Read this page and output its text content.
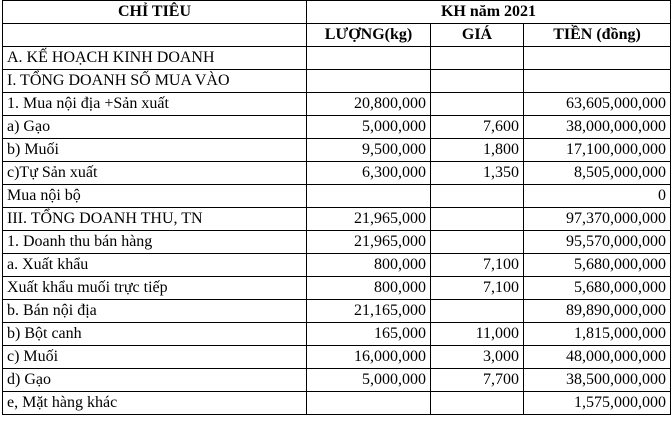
CHỈ TIÊU	KH năm 2021		
	LƯỢNG(kg)	GIÁ	TIỀN (đồng)
A. KẾ HOẠCH KINH DOANH			
I. TỔNG DOANH SỐ MUA VÀO			
1. Mua nội địa +Sản xuất	20,800,000		63,605,000,000
a) Gạo	5,000,000	7,600	38,000,000,000
b) Muối	9,500,000	1,800	17,100,000,000
c)Tự Sản xuất	6,300,000	1,350	8,505,000,000
Mua nội bộ			0
III. TỔNG DOANH THU, TN	21,965,000		97,370,000,000
1. Doanh thu bán hàng	21,965,000		95,570,000,000
a. Xuất khẩu	800,000	7,100	5,680,000,000
Xuất khẩu muối trực tiếp	800,000	7,100	5,680,000,000
b. Bán nội địa	21,165,000		89,890,000,000
b) Bột canh	165,000	11,000	1,815,000,000
c) Muối	16,000,000	3,000	48,000,000,000
d) Gạo	5,000,000	7,700	38,500,000,000
e, Mặt hàng khác			1,575,000,000
